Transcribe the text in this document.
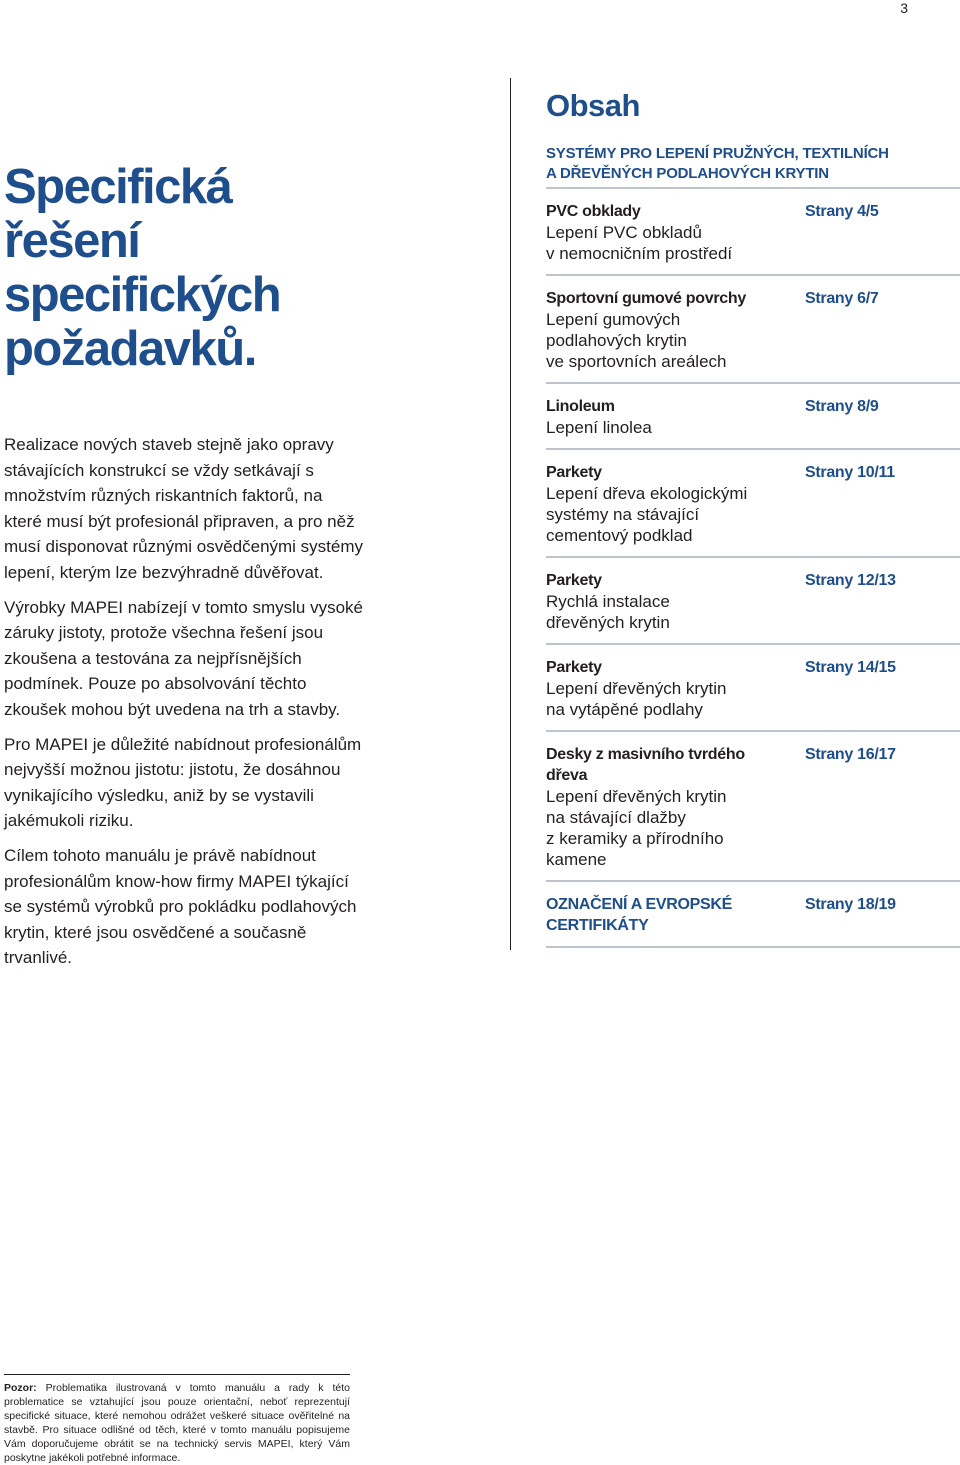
3
Specifická
řešení
specifických
požadavků.

Realizace nových staveb stejně jako opravy stávajících konstrukcí se vždy setkávají s množstvím různých riskantních faktorů, na které musí být profesionál připraven, a pro něž musí disponovat různými osvědčenými systémy lepení, kterým lze bezvýhradně důvěřovat.

Výrobky MAPEI nabízejí v tomto smyslu vysoké záruky jistoty, protože všechna řešení jsou zkoušena a testována za nejpřísnějších podmínek. Pouze po absolvování těchto zkoušek mohou být uvedena na trh a stavby.

Pro MAPEI je důležité nabídnout profesionálům nejvyšší možnou jistotu: jistotu, že dosáhnou vynikajícího výsledku, aniž by se vystavili jakémukoli riziku.

Cílem tohoto manuálu je právě nabídnout profesionálům know-how firmy MAPEI týkající se systémů výrobků pro pokládku podlahových krytin, které jsou osvědčené a současně trvanlivé.

Obsah
SYSTÉMY PRO LEPENÍ PRUŽNÝCH, TEXTILNÍCH
A DŘEVĚNÝCH PODLAHOVÝCH KRYTIN
PVC obklady
Lepení PVC obkladů
v nemocničním prostředí
Strany 4/5
Sportovní gumové povrchy
Lepení gumových
podlahových krytin
ve sportovních areálech
Strany 6/7
Linoleum
Lepení linolea
Strany 8/9
Parkety
Lepení dřeva ekologickými
systémy na stávající
cementový podklad
Strany 10/11
Parkety
Rychlá instalace
dřevěných krytin
Strany 12/13
Parkety
Lepení dřevěných krytin
na vytápěné podlahy
Strany 14/15
Desky z masivního tvrdého
dřeva
Lepení dřevěných krytin
na stávající dlažby
z keramiky a přírodního
kamene
Strany 16/17
OZNAČENÍ A EVROPSKÉ
CERTIFIKÁTY
Strany 18/19

Pozor: Problematika ilustrovaná v tomto manuálu a rady k této problematice se vztahující jsou pouze orientační, neboť reprezentují specifické situace, které nemohou odrážet veškeré situace ověřitelné na stavbě. Pro situace odlišné od těch, které v tomto manuálu popisujeme Vám doporučujeme obrátit se na technický servis MAPEI, který Vám poskytne jakékoli potřebné informace.
